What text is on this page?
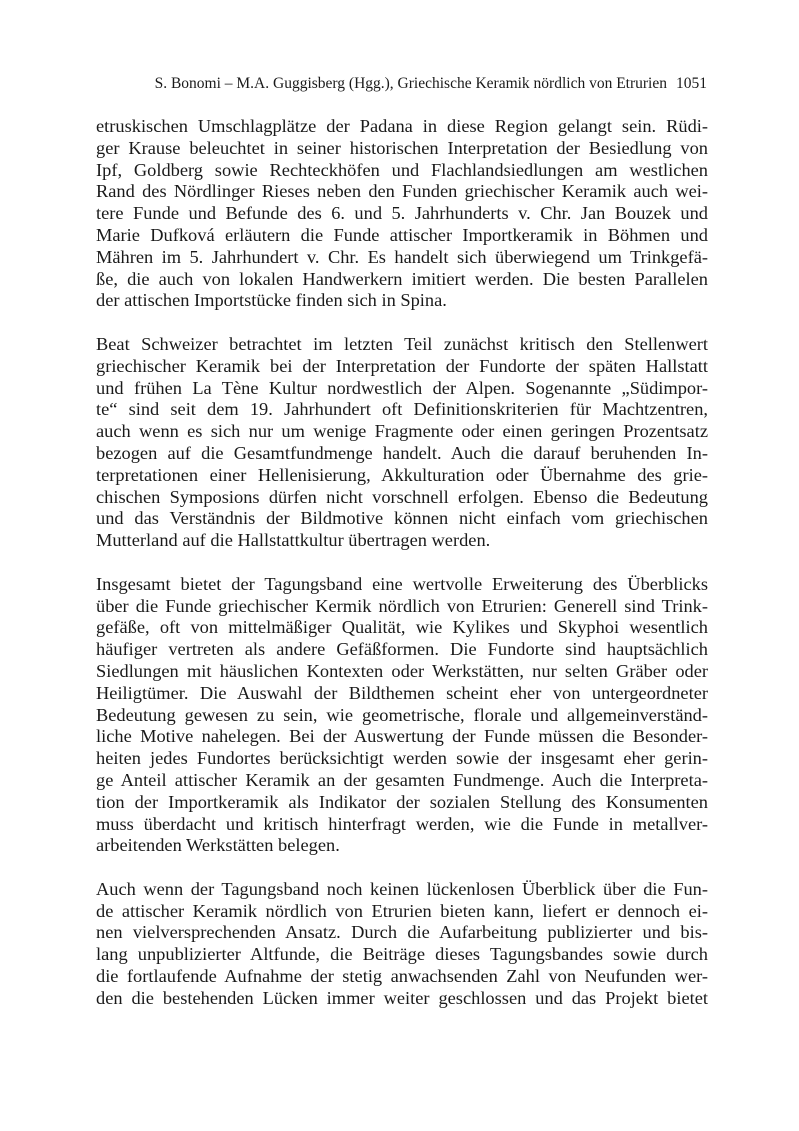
S. Bonomi – M.A. Guggisberg (Hgg.), Griechische Keramik nördlich von Etrurien 1051
etruskischen Umschlagplätze der Padana in diese Region gelangt sein. Rüdi-
ger Krause beleuchtet in seiner historischen Interpretation der Besiedlung von
Ipf, Goldberg sowie Rechteckhöfen und Flachlandsiedlungen am westlichen
Rand des Nördlinger Rieses neben den Funden griechischer Keramik auch wei-
tere Funde und Befunde des 6. und 5. Jahrhunderts v. Chr. Jan Bouzek und
Marie Dufková erläutern die Funde attischer Importkeramik in Böhmen und
Mähren im 5. Jahrhundert v. Chr. Es handelt sich überwiegend um Trinkgefä-
ße, die auch von lokalen Handwerkern imitiert werden. Die besten Parallelen
der attischen Importstücke finden sich in Spina.
Beat Schweizer betrachtet im letzten Teil zunächst kritisch den Stellenwert
griechischer Keramik bei der Interpretation der Fundorte der späten Hallstatt
und frühen La Tène Kultur nordwestlich der Alpen. Sogenannte „Südimpor-
te“ sind seit dem 19. Jahrhundert oft Definitionskriterien für Machtzentren,
auch wenn es sich nur um wenige Fragmente oder einen geringen Prozentsatz
bezogen auf die Gesamtfundmenge handelt. Auch die darauf beruhenden In-
terpretationen einer Hellenisierung, Akkulturation oder Übernahme des grie-
chischen Symposions dürfen nicht vorschnell erfolgen. Ebenso die Bedeutung
und das Verständnis der Bildmotive können nicht einfach vom griechischen
Mutterland auf die Hallstattkultur übertragen werden.
Insgesamt bietet der Tagungsband eine wertvolle Erweiterung des Überblicks
über die Funde griechischer Kermik nördlich von Etrurien: Generell sind Trink-
gefäße, oft von mittelmäßiger Qualität, wie Kylikes und Skyphoi wesentlich
häufiger vertreten als andere Gefäßformen. Die Fundorte sind hauptsächlich
Siedlungen mit häuslichen Kontexten oder Werkstätten, nur selten Gräber oder
Heiligtümer. Die Auswahl der Bildthemen scheint eher von untergeordneter
Bedeutung gewesen zu sein, wie geometrische, florale und allgemeinverständ-
liche Motive nahelegen. Bei der Auswertung der Funde müssen die Besonder-
heiten jedes Fundortes berücksichtigt werden sowie der insgesamt eher gerin-
ge Anteil attischer Keramik an der gesamten Fundmenge. Auch die Interpreta-
tion der Importkeramik als Indikator der sozialen Stellung des Konsumenten
muss überdacht und kritisch hinterfragt werden, wie die Funde in metallver-
arbeitenden Werkstätten belegen.
Auch wenn der Tagungsband noch keinen lückenlosen Überblick über die Fun-
de attischer Keramik nördlich von Etrurien bieten kann, liefert er dennoch ei-
nen vielversprechenden Ansatz. Durch die Aufarbeitung publizierter und bis-
lang unpublizierter Altfunde, die Beiträge dieses Tagungsbandes sowie durch
die fortlaufende Aufnahme der stetig anwachsenden Zahl von Neufunden wer-
den die bestehenden Lücken immer weiter geschlossen und das Projekt bietet
